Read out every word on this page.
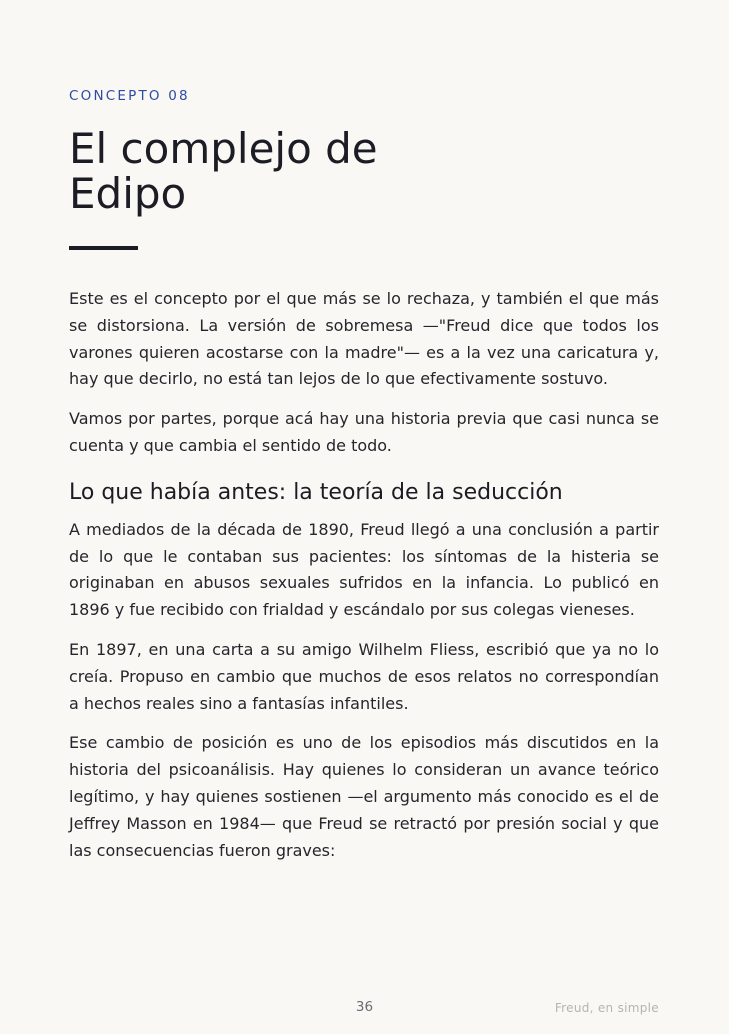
CONCEPTO 08
El complejo de Edipo

Este es el concepto por el que más se lo rechaza, y también el que más se distorsiona. La versión de sobremesa —"Freud dice que todos los varones quieren acostarse con la madre"— es a la vez una caricatura y, hay que decirlo, no está tan lejos de lo que efectivamente sostuvo.

Vamos por partes, porque acá hay una historia previa que casi nunca se cuenta y que cambia el sentido de todo.

Lo que había antes: la teoría de la seducción

A mediados de la década de 1890, Freud llegó a una conclusión a partir de lo que le contaban sus pacientes: los síntomas de la histeria se originaban en abusos sexuales sufridos en la infancia. Lo publicó en 1896 y fue recibido con frialdad y escándalo por sus colegas vieneses.

En 1897, en una carta a su amigo Wilhelm Fliess, escribió que ya no lo creía. Propuso en cambio que muchos de esos relatos no correspondían a hechos reales sino a fantasías infantiles.

Ese cambio de posición es uno de los episodios más discutidos en la historia del psicoanálisis. Hay quienes lo consideran un avance teórico legítimo, y hay quienes sostienen —el argumento más conocido es el de Jeffrey Masson en 1984— que Freud se retractó por presión social y que las consecuencias fueron graves:

36	Freud, en simple
